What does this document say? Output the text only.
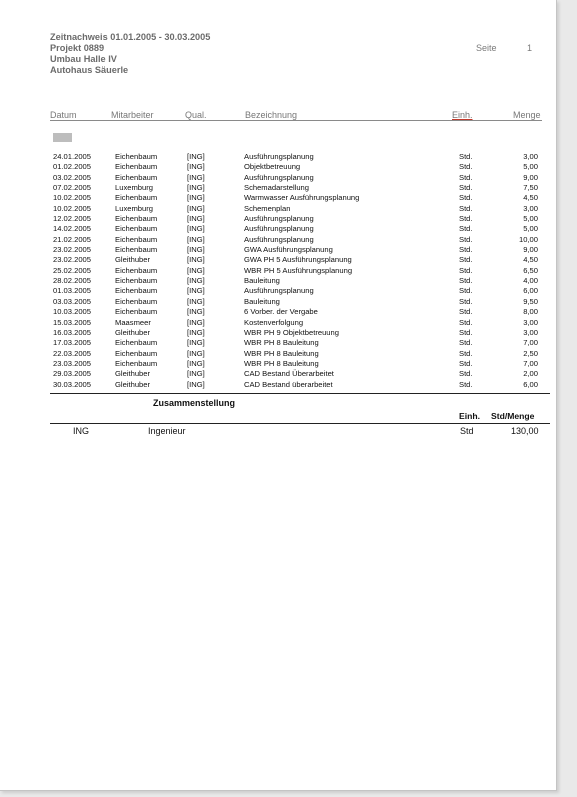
Zeitnachweis 01.01.2005 - 30.03.2005
Projekt 0889
Umbau Halle IV
Autohaus Säuerle
Seite	1
Datum	Mitarbeiter	Qual.	Bezeichnung	Einh.	Menge
24.01.2005	Eichenbaum	[ING]	Ausführungsplanung	Std.	3,00
01.02.2005	Eichenbaum	[ING]	Objektbetreuung	Std.	5,00
03.02.2005	Eichenbaum	[ING]	Ausführungsplanung	Std.	9,00
07.02.2005	Luxemburg	[ING]	Schemadarstellung	Std.	7,50
10.02.2005	Eichenbaum	[ING]	Warmwasser Ausführungsplanung	Std.	4,50
10.02.2005	Luxemburg	[ING]	Schemenplan	Std.	3,00
12.02.2005	Eichenbaum	[ING]	Ausführungsplanung	Std.	5,00
14.02.2005	Eichenbaum	[ING]	Ausführungsplanung	Std.	5,00
21.02.2005	Eichenbaum	[ING]	Ausführungsplanung	Std.	10,00
23.02.2005	Eichenbaum	[ING]	GWA Ausführungsplanung	Std.	9,00
23.02.2005	Gleithuber	[ING]	GWA PH 5 Ausführungsplanung	Std.	4,50
25.02.2005	Eichenbaum	[ING]	WBR PH 5 Ausführungsplanung	Std.	6,50
28.02.2005	Eichenbaum	[ING]	Bauleitung	Std.	4,00
01.03.2005	Eichenbaum	[ING]	Ausführungsplanung	Std.	6,00
03.03.2005	Eichenbaum	[ING]	Bauleitung	Std.	9,50
10.03.2005	Eichenbaum	[ING]	6 Vorber. der Vergabe	Std.	8,00
15.03.2005	Maasmeer	[ING]	Kostenverfolgung	Std.	3,00
16.03.2005	Gleithuber	[ING]	WBR PH 9 Objektbetreuung	Std.	3,00
17.03.2005	Eichenbaum	[ING]	WBR PH 8 Bauleitung	Std.	7,00
22.03.2005	Eichenbaum	[ING]	WBR PH 8 Bauleitung	Std.	2,50
23.03.2005	Eichenbaum	[ING]	WBR PH 8 Bauleitung	Std.	7,00
29.03.2005	Gleithuber	[ING]	CAD Bestand Überarbeitet	Std.	2,00
30.03.2005	Gleithuber	[ING]	CAD Bestand überarbeitet	Std.	6,00
Zusammenstellung
Einh. Std/Menge
ING	Ingenieur	Std	130,00
